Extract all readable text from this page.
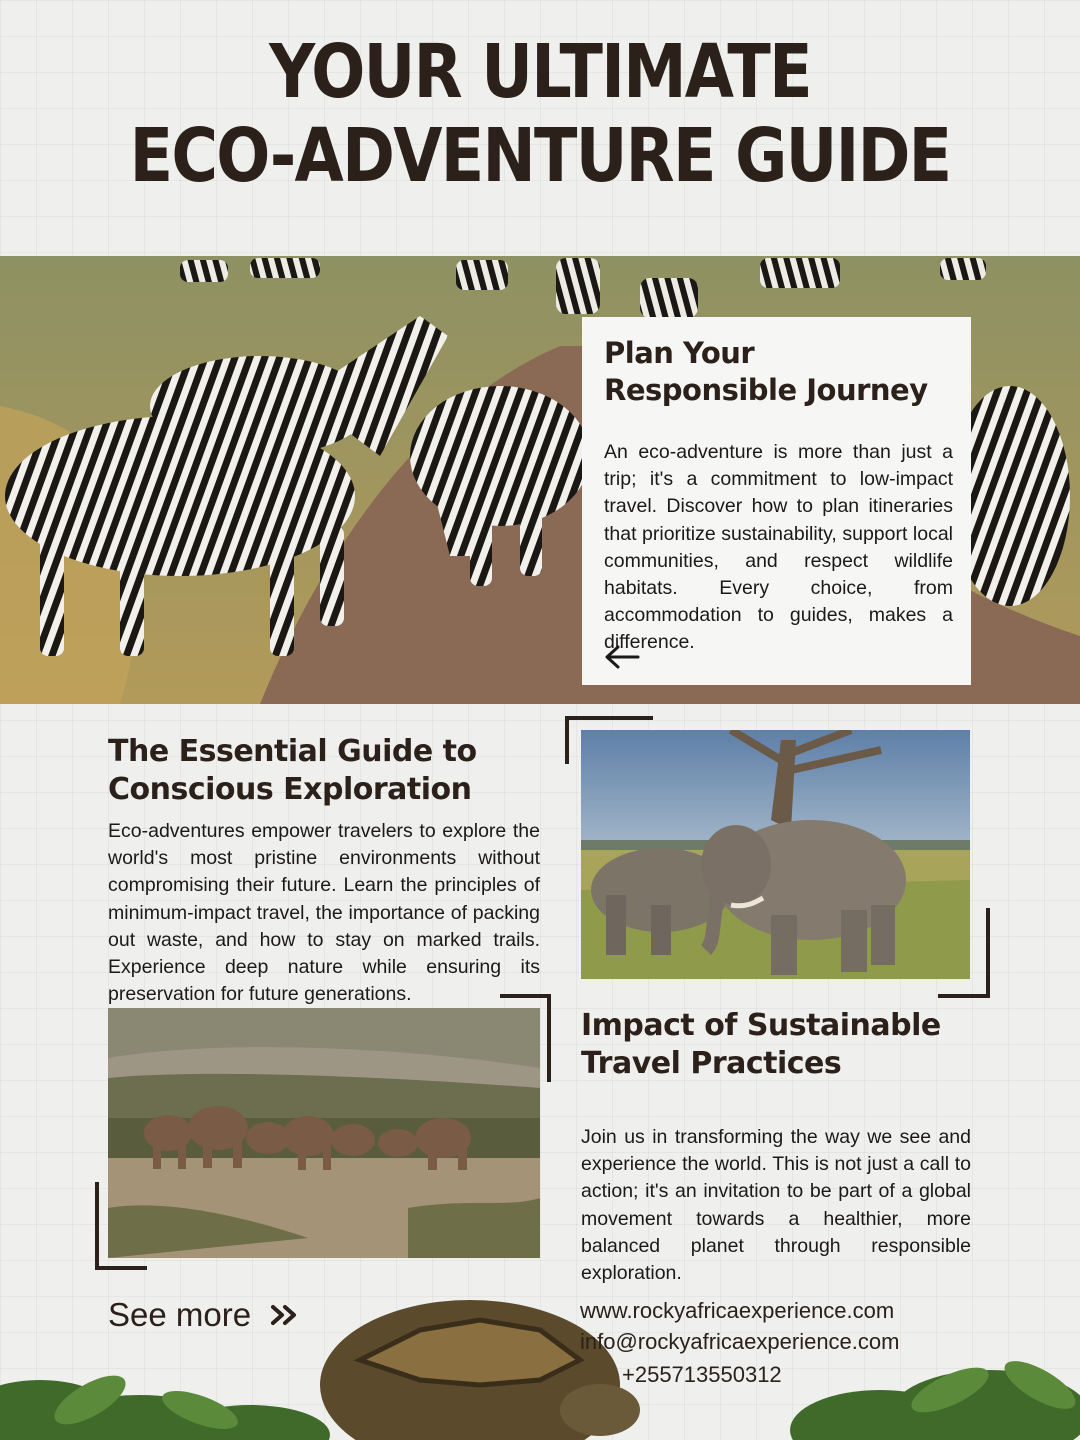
YOUR ULTIMATE
ECO-ADVENTURE GUIDE
Plan Your
Responsible Journey

An eco-adventure is more than just a trip; it's a commitment to low-impact travel. Discover how to plan itineraries that prioritize sustainability, support local communities, and respect wildlife habitats. Every choice, from accommodation to guides, makes a difference.

The Essential Guide to
Conscious Exploration

Eco-adventures empower travelers to explore the world's most pristine environments without compromising their future. Learn the principles of minimum-impact travel, the importance of packing out waste, and how to stay on marked trails. Experience deep nature while ensuring its preservation for future generations.

Impact of Sustainable
Travel Practices

Join us in transforming the way we see and experience the world. This is not just a call to action; it's an invitation to be part of a global movement towards a healthier, more balanced planet through responsible exploration.

See more	www.rockyafricaexperience.com
info@rockyafricaexperience.com
+255713550312
